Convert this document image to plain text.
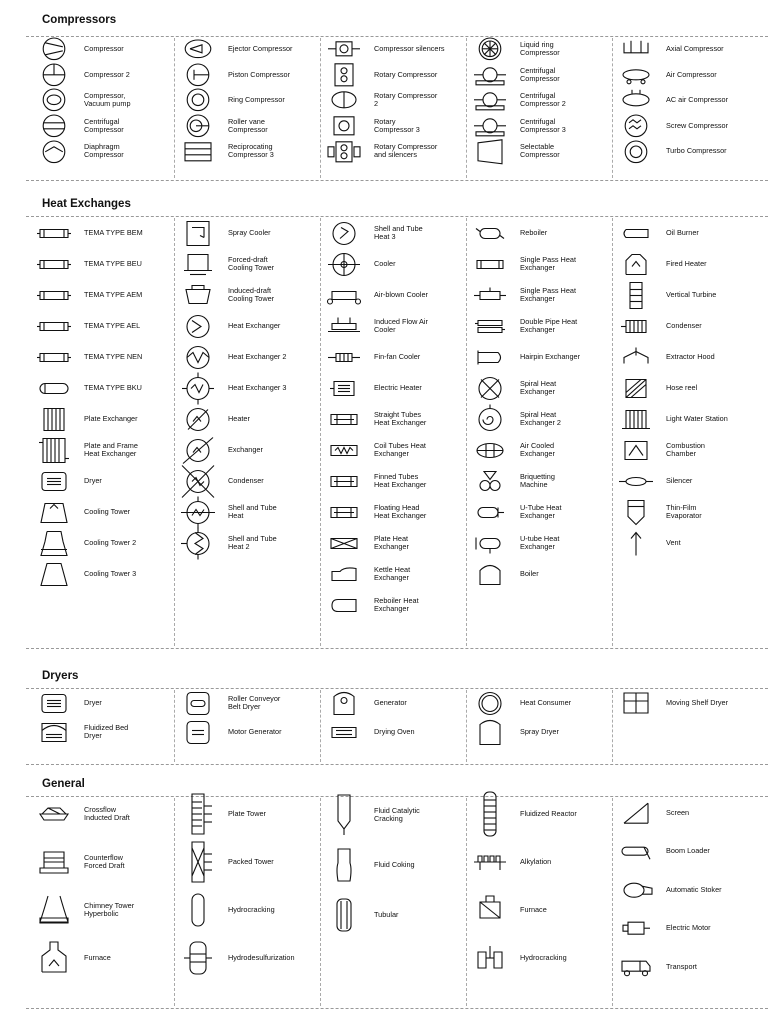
Compressors
Compressor
Compressor 2
Compressor,
Vacuum pump
Centrifugal
Compressor
Diaphragm
Compressor
Ejector Compressor
Piston Compressor
Ring Compressor
Roller vane
Compressor
Reciprocating
Compressor 3
Compressor silencers
Rotary Compressor
Rotary Compressor
2
Rotary
Compressor 3
Rotary Compressor
and silencers
Liquid ring
Compressor
Centrifugal
Compressor
Centrifugal
Compressor 2
Centrifugal
Compressor 3
Selectable
Compressor
Axial Compressor
Air Compressor
AC air Compressor
Screw Compressor
Turbo Compressor
Heat Exchanges
TEMA TYPE BEM
TEMA TYPE BEU
TEMA TYPE AEM
TEMA TYPE AEL
TEMA TYPE NEN
TEMA TYPE BKU
Plate Exchanger
Plate and Frame
Heat Exchanger
Dryer
Cooling Tower
Cooling Tower 2
Cooling Tower 3
Spray Cooler
Forced-draft
Cooling Tower
Induced-draft
Cooling Tower
Heat Exchanger
Heat Exchanger 2
Heat Exchanger 3
Heater
Exchanger
Condenser
Shell and Tube
Heat
Shell and Tube
Heat 2
Shell and Tube
Heat 3
Cooler
Air-blown Cooler
Induced Flow Air
Cooler
Fin-fan Cooler
Electric Heater
Straight Tubes
Heat Exchanger
Coil Tubes Heat
Exchanger
Finned Tubes
Heat Exchanger
Floating Head
Heat Exchanger
Plate Heat
Exchanger
Kettle Heat
Exchanger
Reboiler Heat
Exchanger
Reboiler
Single Pass Heat
Exchanger
Single Pass Heat
Exchanger
Double Pipe Heat
Exchanger
Hairpin Exchanger
Spiral Heat
Exchanger
Spiral Heat
Exchanger 2
Air Cooled
Exchanger
Briquetting
Machine
U-Tube Heat
Exchanger
U-tube Heat
Exchanger
Boiler
Oil Burner
Fired Heater
Vertical Turbine
Condenser
Extractor Hood
Hose reel
Light Water Station
Combustion
Chamber
Silencer
Thin-Film
Evaporator
Vent
Dryers
Dryer
Fluidized Bed
Dryer
Roller Conveyor
Belt Dryer
Motor Generator
Generator
Drying Oven
Heat Consumer
Spray Dryer
Moving Shelf Dryer
General
Crossflow
Inducted Draft
Counterflow
Forced Draft
Chimney Tower
Hyperbolic
Furnace
Plate Tower
Packed Tower
Hydrocracking
Hydrodesulfurization
Fluid Catalytic
Cracking
Fluid Coking
Tubular
Fluidized Reactor
Alkylation
Furnace
Hydrocracking
Screen
Boom Loader
Automatic Stoker
Electric Motor
Transport
